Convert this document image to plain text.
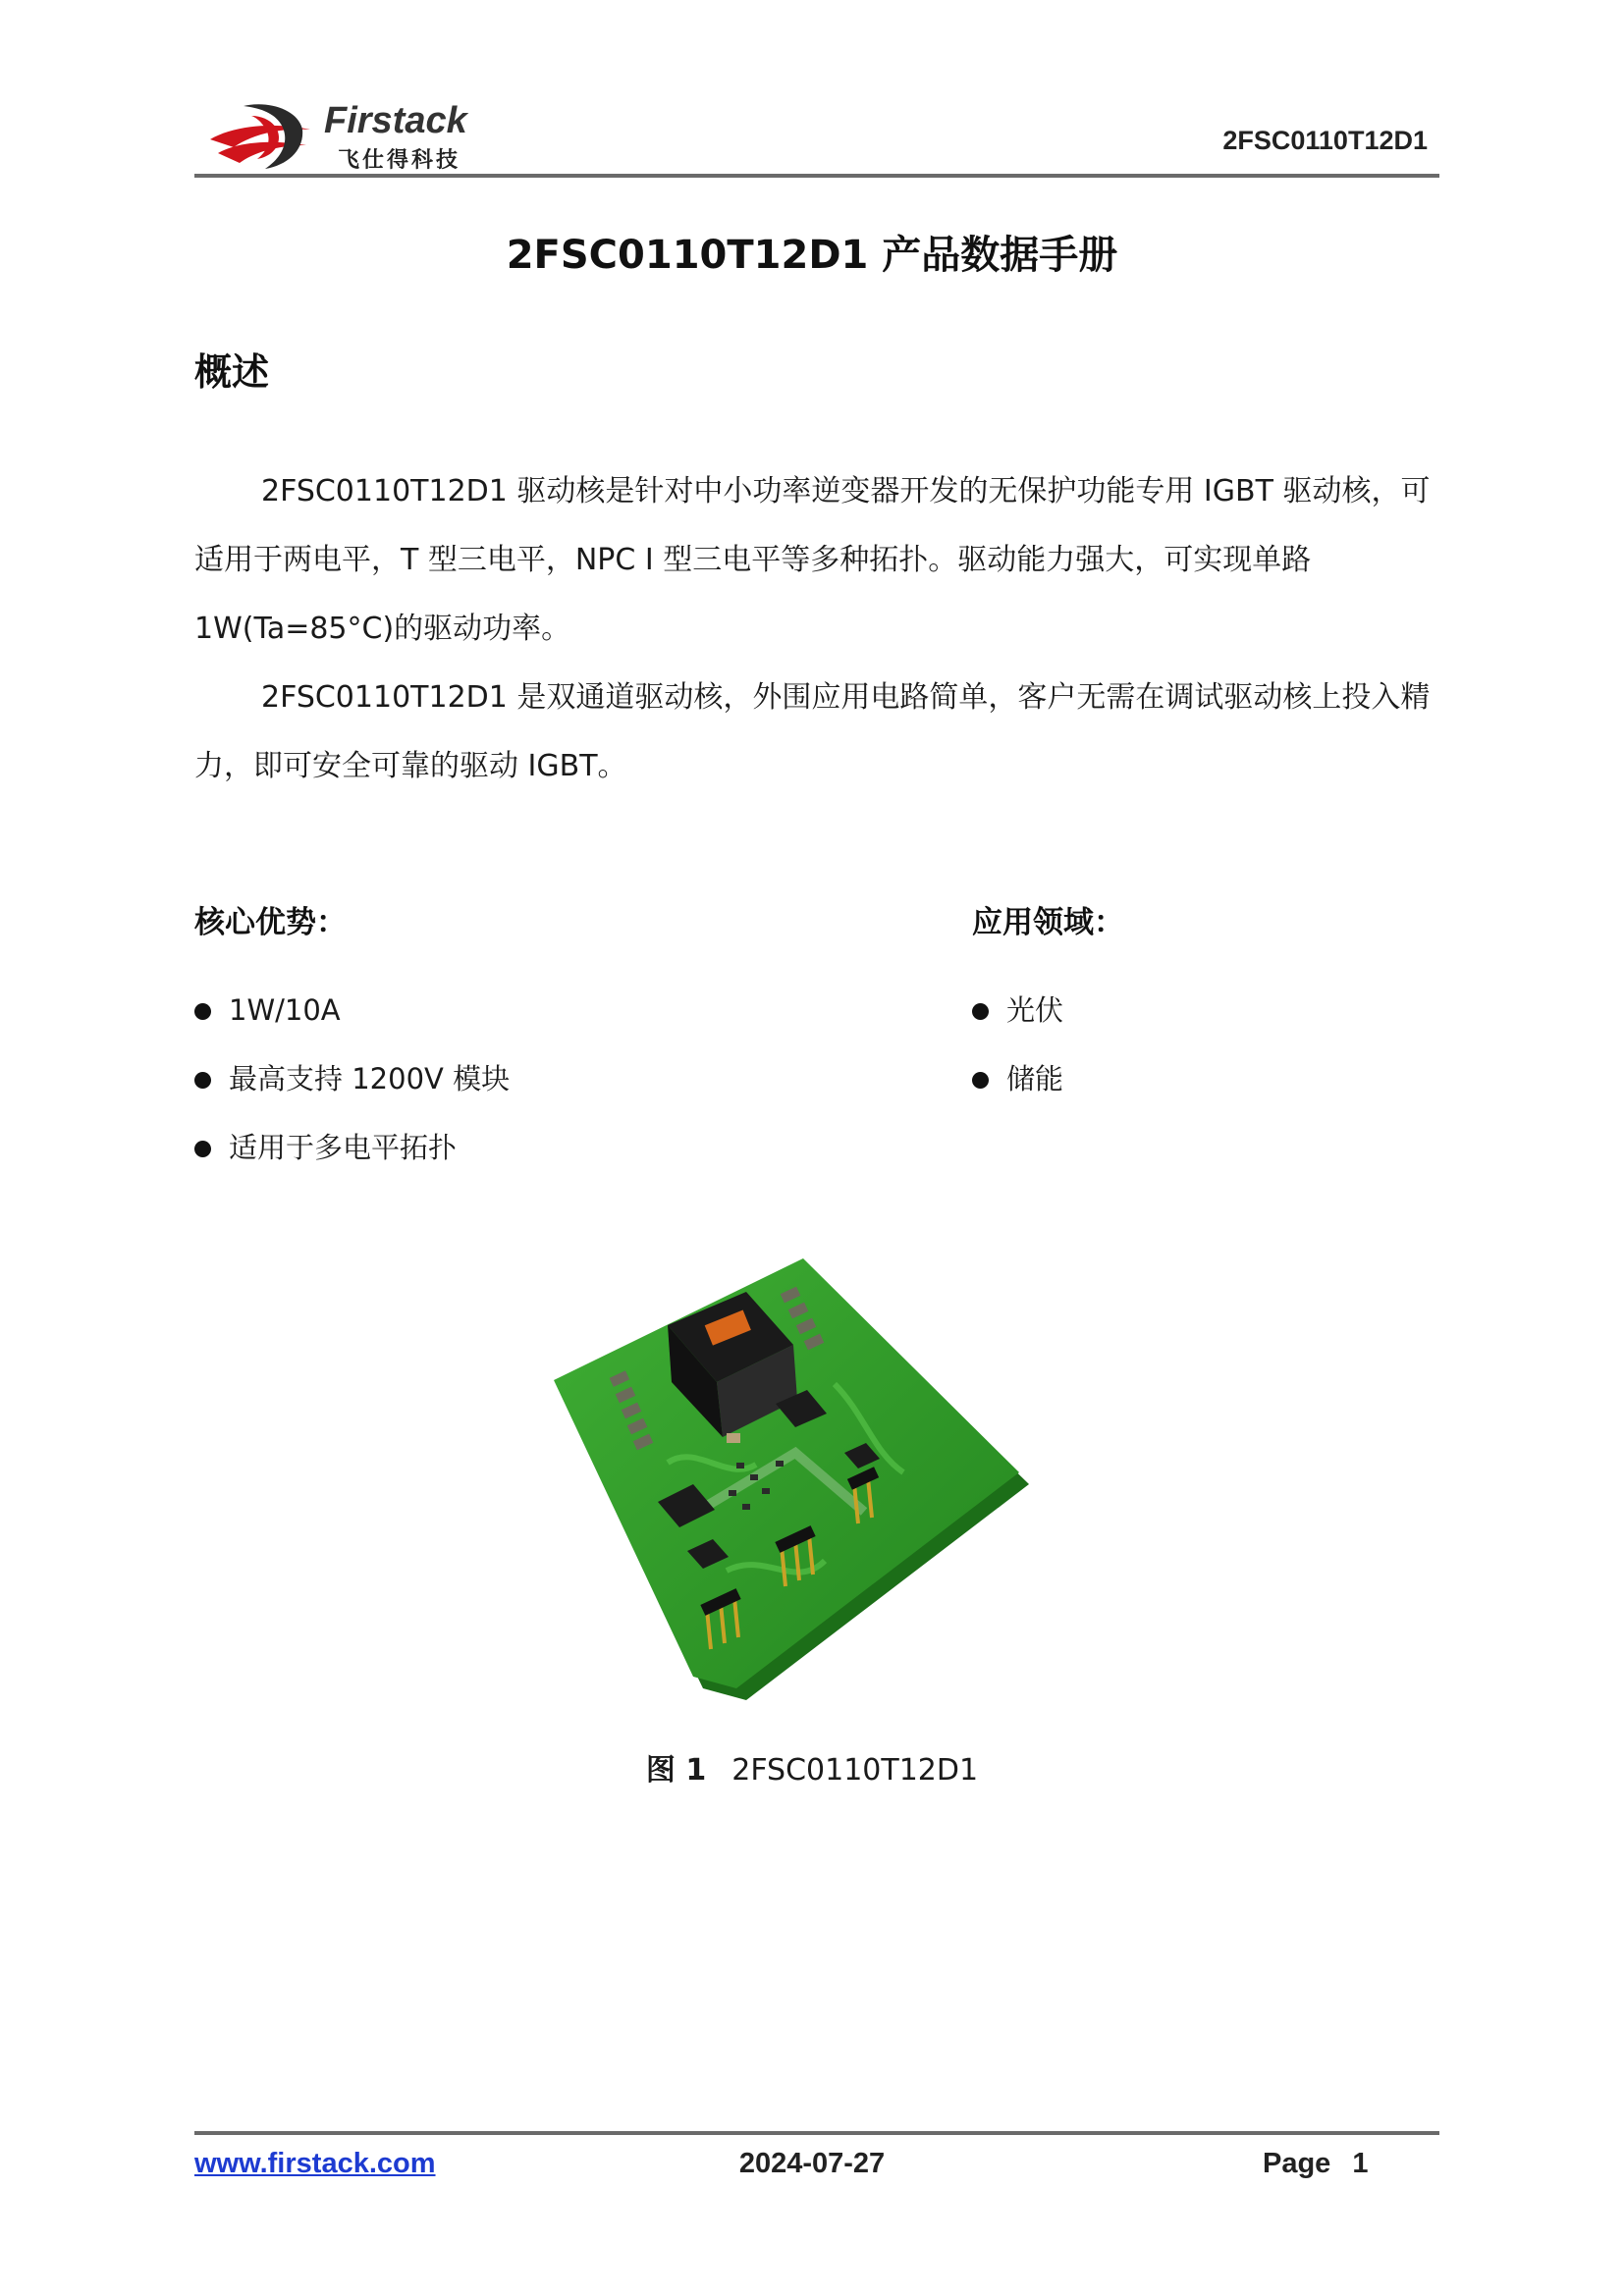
Firstack
飞仕得科技
2FSC0110T12D1
2FSC0110T12D1 产品数据手册
概述
2FSC0110T12D1 驱动核是针对中小功率逆变器开发的无保护功能专用 IGBT 驱动核，可适用于两电平，T 型三电平，NPC I 型三电平等多种拓扑。驱动能力强大，可实现单路 1W(Ta=85°C)的驱动功率。
2FSC0110T12D1 是双通道驱动核，外围应用电路简单，客户无需在调试驱动核上投入精力，即可安全可靠的驱动 IGBT。
核心优势：
1W/10A
最高支持 1200V 模块
适用于多电平拓扑
应用领域：
光伏
储能
图 1 2FSC0110T12D1
www.firstack.com	2024-07-27	Page 1
